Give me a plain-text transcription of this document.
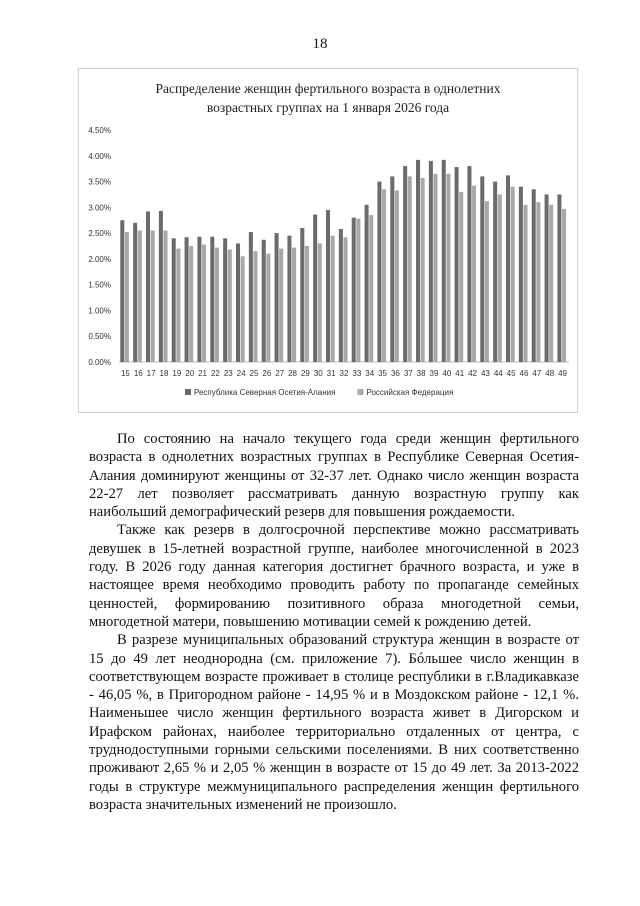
18
Распределение женщин фертильного возраста в однолетних
возрастных группах на 1 января 2026 года
0.00%
0.50%
1.00%
1.50%
2.00%
2.50%
3.00%
3.50%
4.00%
4.50%
15 16 17 18 19 20 21 22 23 24 25 26 27 28 29 30 31 32 33 34 35 36 37 38 39 40 41 42 43 44 45 46 47 48 49
Республика Северная Осетия-Алания	Российская Федерация

По состоянию на начало текущего года среди женщин фертильного возраста в однолетних возрастных группах в Республике Северная Осетия-Алания доминируют женщины от 32-37 лет. Однако число женщин возраста 22-27 лет позволяет рассматривать данную возрастную группу как наибольший демографический резерв для повышения рождаемости.

Также как резерв в долгосрочной перспективе можно рассматривать девушек в 15-летней возрастной группе, наиболее многочисленной в 2023 году. В 2026 году данная категория достигнет брачного возраста, и уже в настоящее время необходимо проводить работу по пропаганде семейных ценностей, формированию позитивного образа многодетной семьи, многодетной матери, повышению мотивации семей к рождению детей.

В разрезе муниципальных образований структура женщин в возрасте от 15 до 49 лет неоднородна (см. приложение 7). Бóльшее число женщин в соответствующем возрасте проживает в столице республики в г.Владикавказе - 46,05 %, в Пригородном районе - 14,95 % и в Моздокском районе - 12,1 %. Наименьшее число женщин фертильного возраста живет в Дигорском и Ирафском районах, наиболее территориально отдаленных от центра, с труднодоступными горными сельскими поселениями. В них соответственно проживают 2,65 % и 2,05 % женщин в возрасте от 15 до 49 лет. За 2013-2022 годы в структуре межмуниципального распределения женщин фертильного возраста значительных изменений не произошло.
